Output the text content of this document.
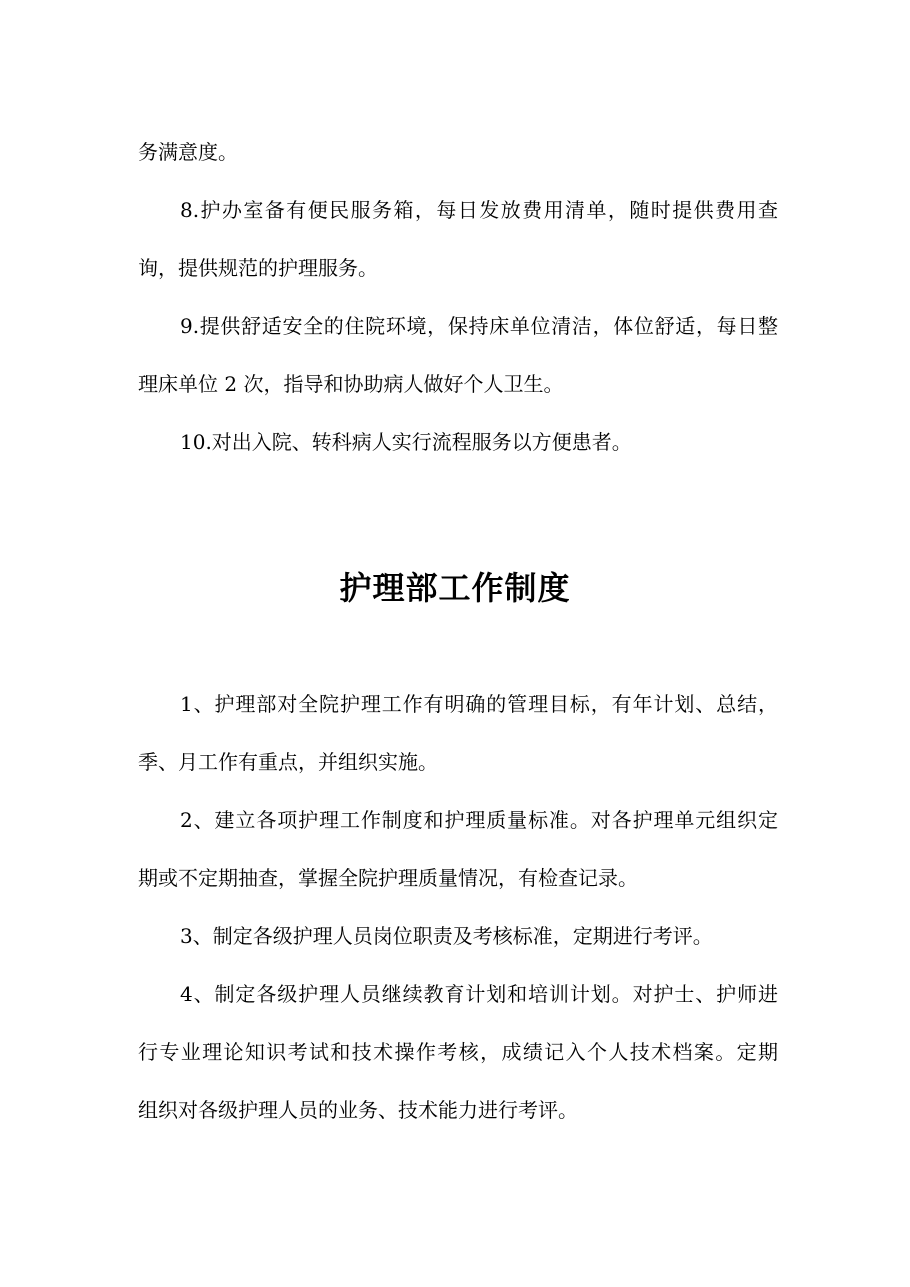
务满意度。
8.护办室备有便民服务箱，每日发放费用清单，随时提供费用查
询，提供规范的护理服务。
9.提供舒适安全的住院环境，保持床单位清洁，体位舒适，每日整
理床单位 2 次，指导和协助病人做好个人卫生。
10.对出入院、转科病人实行流程服务以方便患者。
护理部工作制度
1、护理部对全院护理工作有明确的管理目标，有年计划、总结，
季、月工作有重点，并组织实施。
2、建立各项护理工作制度和护理质量标准。对各护理单元组织定
期或不定期抽查，掌握全院护理质量情况，有检查记录。
3、制定各级护理人员岗位职责及考核标准，定期进行考评。
4、制定各级护理人员继续教育计划和培训计划。对护士、护师进
行专业理论知识考试和技术操作考核，成绩记入个人技术档案。定期
组织对各级护理人员的业务、技术能力进行考评。
